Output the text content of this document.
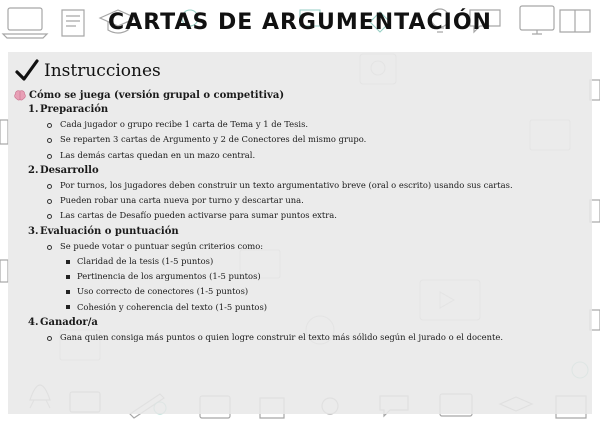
CARTAS DE ARGUMENTACIÓN
Instrucciones
Cómo se juega (versión grupal o competitiva)
1. Preparación
Cada jugador o grupo recibe 1 carta de Tema y 1 de Tesis.
Se reparten 3 cartas de Argumento y 2 de Conectores del mismo grupo.
Las demás cartas quedan en un mazo central.
2. Desarrollo
Por turnos, los jugadores deben construir un texto argumentativo breve (oral o escrito) usando sus cartas.
Pueden robar una carta nueva por turno y descartar una.
Las cartas de Desafío pueden activarse para sumar puntos extra.
3. Evaluación o puntuación
Se puede votar o puntuar según criterios como:
Claridad de la tesis (1-5 puntos)
Pertinencia de los argumentos (1-5 puntos)
Uso correcto de conectores (1-5 puntos)
Cohesión y coherencia del texto (1-5 puntos)
4. Ganador/a
Gana quien consiga más puntos o quien logre construir el texto más sólido según el jurado o el docente.
